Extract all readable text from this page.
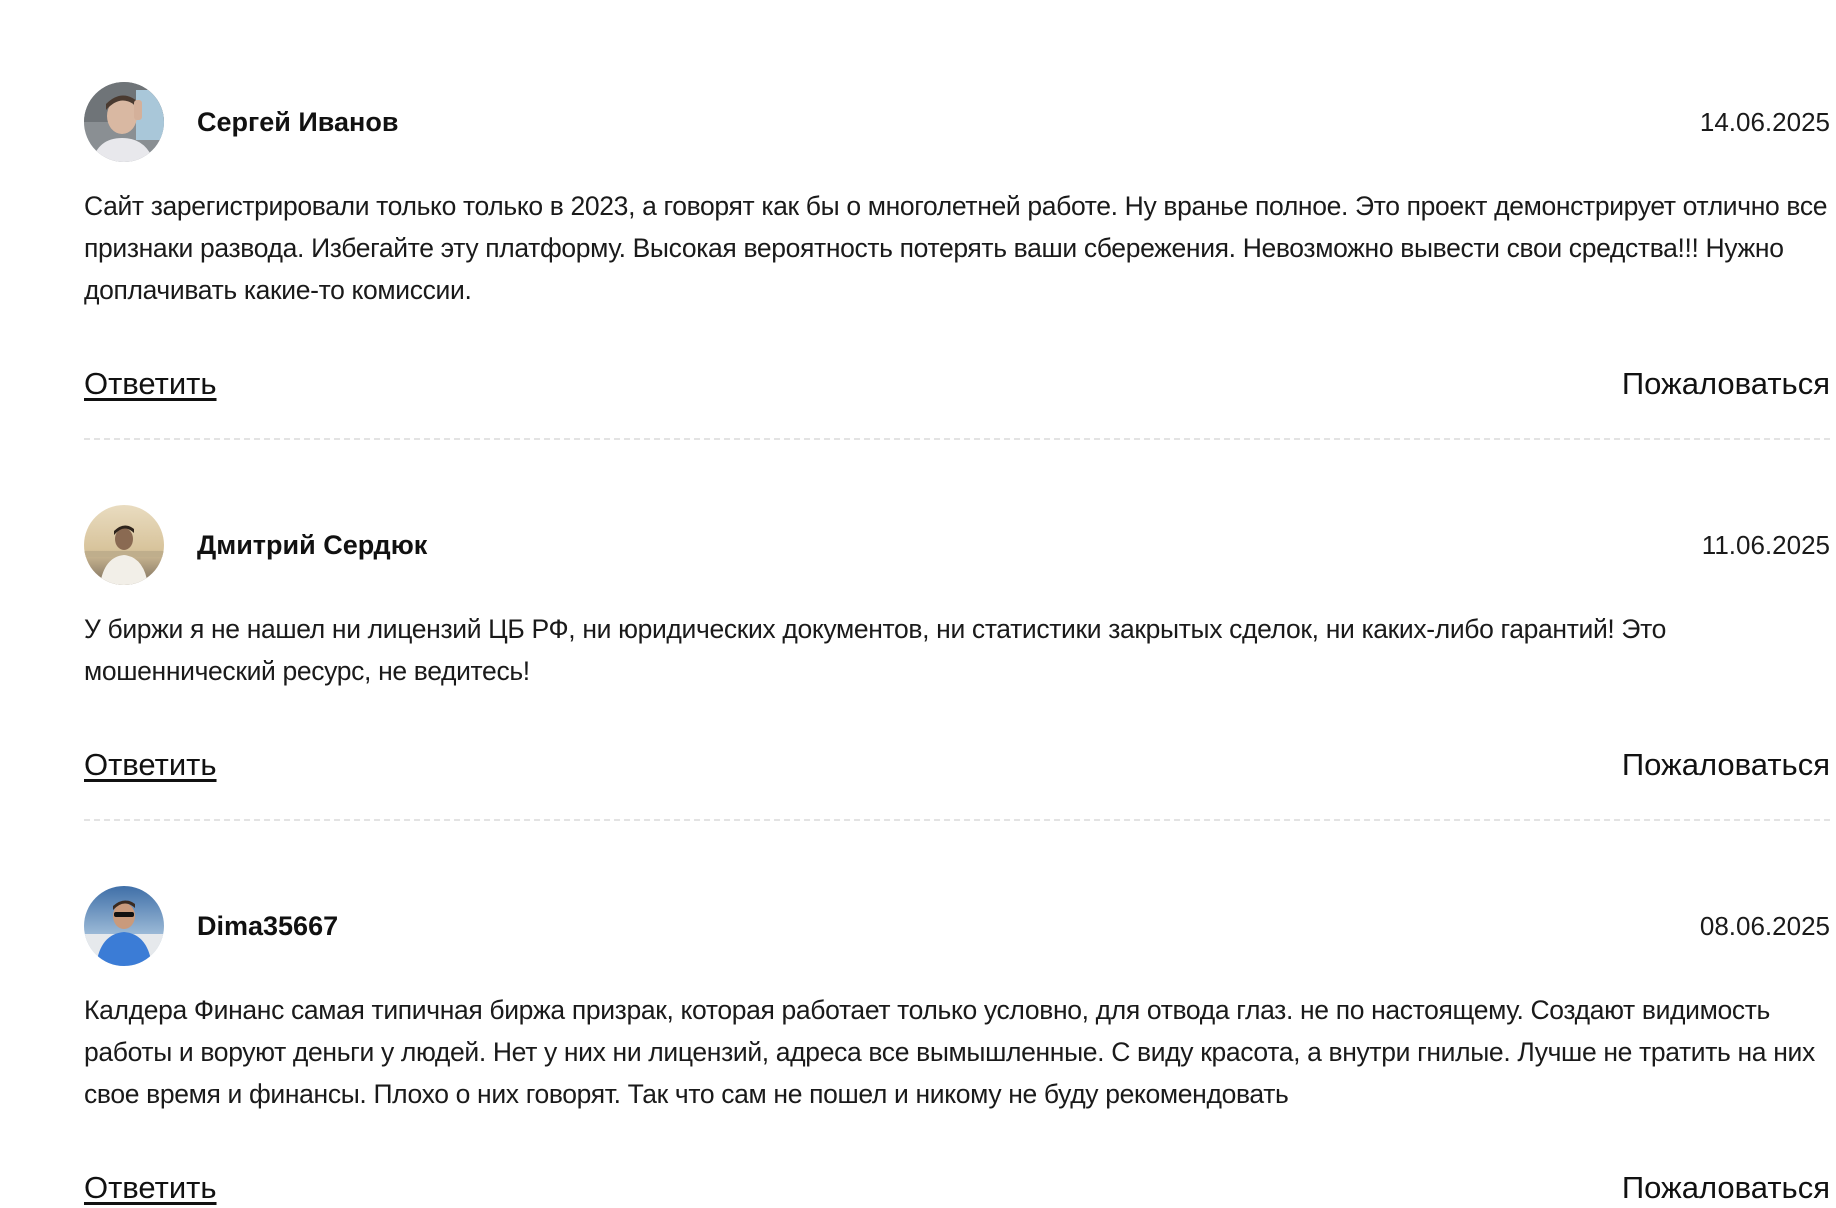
Сергей Иванов	14.06.2025

Сайт зарегистрировали только только в 2023, а говорят как бы о многолетней работе. Ну вранье полное. Это проект демонстрирует отлично все признаки развода. Избегайте эту платформу. Высокая вероятность потерять ваши сбережения. Невозможно вывести свои средства!!! Нужно доплачивать какие-то комиссии.

Ответить	Пожаловаться
Дмитрий Сердюк	11.06.2025

У биржи я не нашел ни лицензий ЦБ РФ, ни юридических документов, ни статистики закрытых сделок, ни каких-либо гарантий! Это мошеннический ресурс, не ведитесь!

Ответить	Пожаловаться
Dima35667	08.06.2025

Калдера Финанс самая типичная биржа призрак, которая работает только условно, для отвода глаз. не по настоящему. Создают видимость работы и воруют деньги у людей. Нет у них ни лицензий, адреса все вымышленные. С виду красота, а внутри гнилые. Лучше не тратить на них свое время и финансы. Плохо о них говорят. Так что сам не пошел и никому не буду рекомендовать

Ответить	Пожаловаться
